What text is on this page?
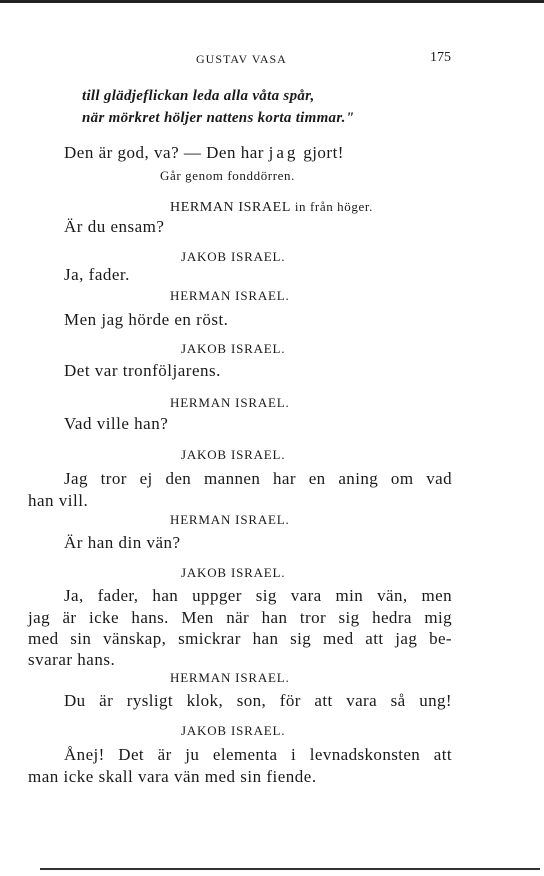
GUSTAV VASA	175
till glädjeflickan leda alla våta spår,
när mörkret höljer nattens korta timmar."
Den är god, va? — Den har jag gjort!
Går genom fonddörren.
HERMAN ISRAEL in från höger.
Är du ensam?
JAKOB ISRAEL.
Ja, fader.
HERMAN ISRAEL.
Men jag hörde en röst.
JAKOB ISRAEL.
Det var tronföljarens.
HERMAN ISRAEL.
Vad ville han?
JAKOB ISRAEL.
Jag tror ej den mannen har en aning om vad
han vill.
HERMAN ISRAEL.
Är han din vän?
JAKOB ISRAEL.
Ja, fader, han uppger sig vara min vän, men
jag är icke hans. Men när han tror sig hedra mig
med sin vänskap, smickrar han sig med att jag be-
svarar hans.
HERMAN ISRAEL.
Du är rysligt klok, son, för att vara så ung!
JAKOB ISRAEL.
Ånej! Det är ju elementa i levnadskonsten att
man icke skall vara vän med sin fiende.
